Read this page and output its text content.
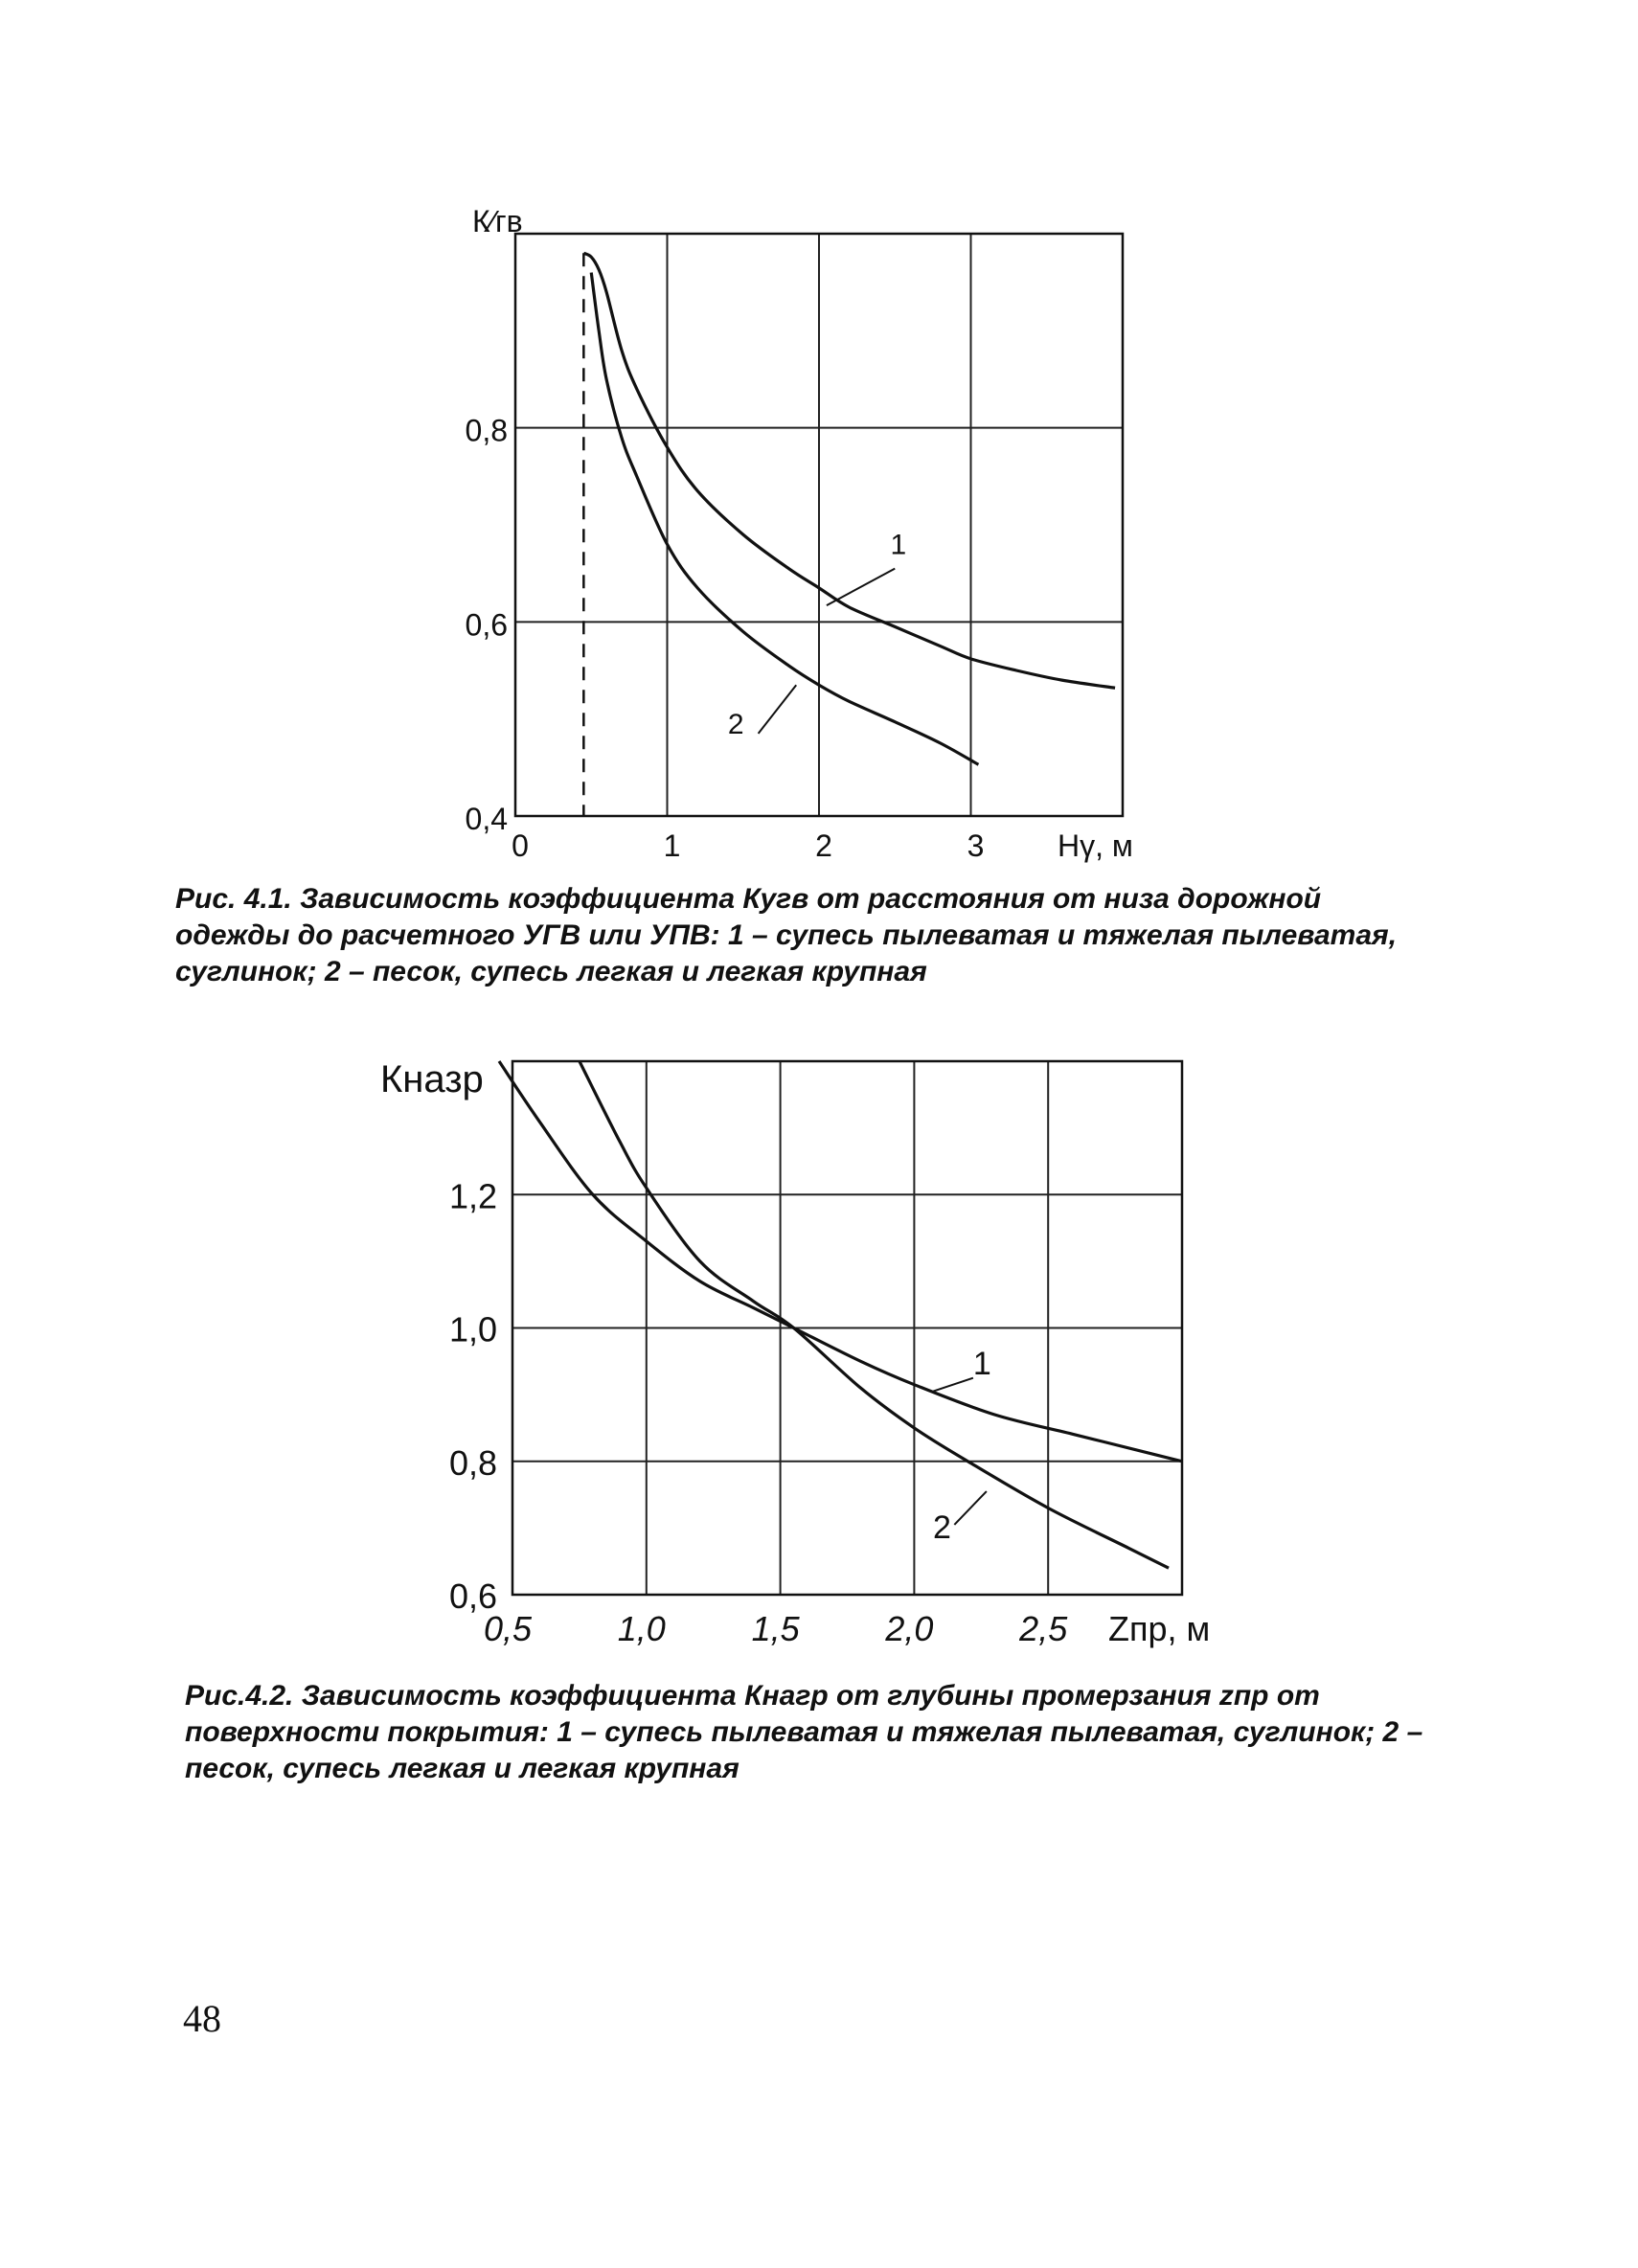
1
2
0	1	2	3
0,4
0,6
0,8
Hγ, м
К∕гв
1
2
0,5 1,0 1,5 2,0 2,5
0,6
0,8
1,0
1,2
Zпр, м
Кназр
Рис. 4.1. Зависимость коэффициента Кугв от расстояния от низа дорожной одежды до расчетного УГВ или УПВ: 1 – супесь пылеватая и тяжелая пылеватая, суглинок; 2 – песок, супесь легкая и легкая крупная
Рис.4.2. Зависимость коэффициента Кнагр от глубины промерзания zпр от поверхности покрытия: 1 – супесь пылеватая и тяжелая пылеватая, суглинок; 2 – песок, супесь легкая и легкая крупная
48
